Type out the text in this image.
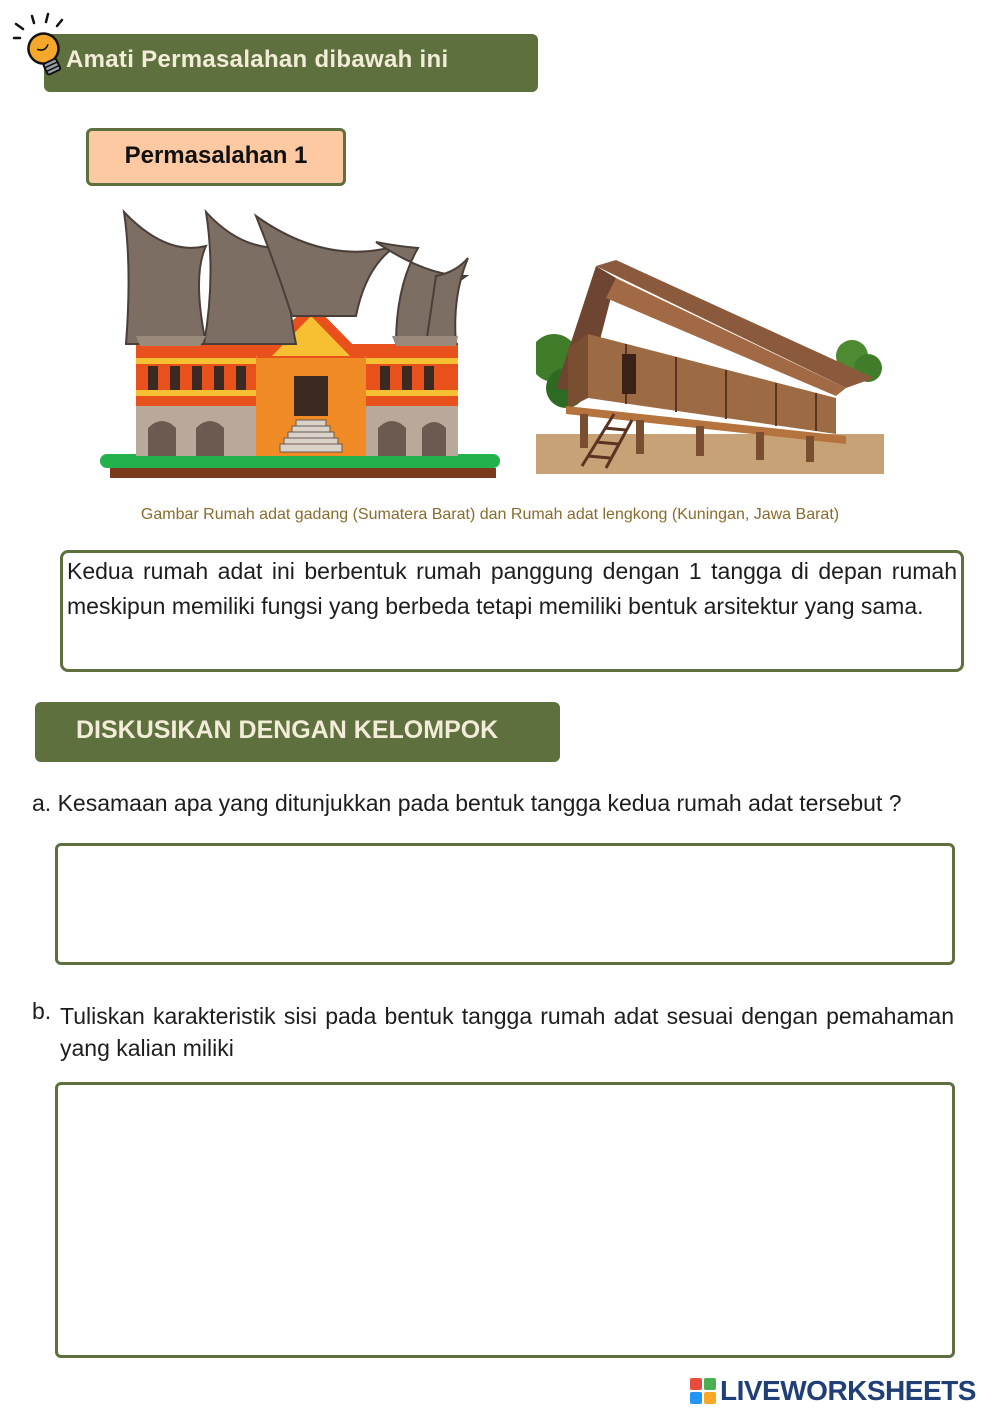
Amati Permasalahan dibawah ini
Permasalahan 1
Gambar Rumah adat gadang (Sumatera Barat) dan Rumah adat lengkong (Kuningan, Jawa Barat)
Kedua rumah adat ini berbentuk rumah panggung dengan 1 tangga di depan rumah meskipun memiliki fungsi yang berbeda tetapi memiliki bentuk arsitektur yang sama.
DISKUSIKAN DENGAN KELOMPOK
a. Kesamaan apa yang ditunjukkan pada bentuk tangga kedua rumah adat tersebut ?
b. Tuliskan karakteristik sisi pada bentuk tangga rumah adat sesuai dengan pemahaman yang kalian miliki
LIVEWORKSHEETS
